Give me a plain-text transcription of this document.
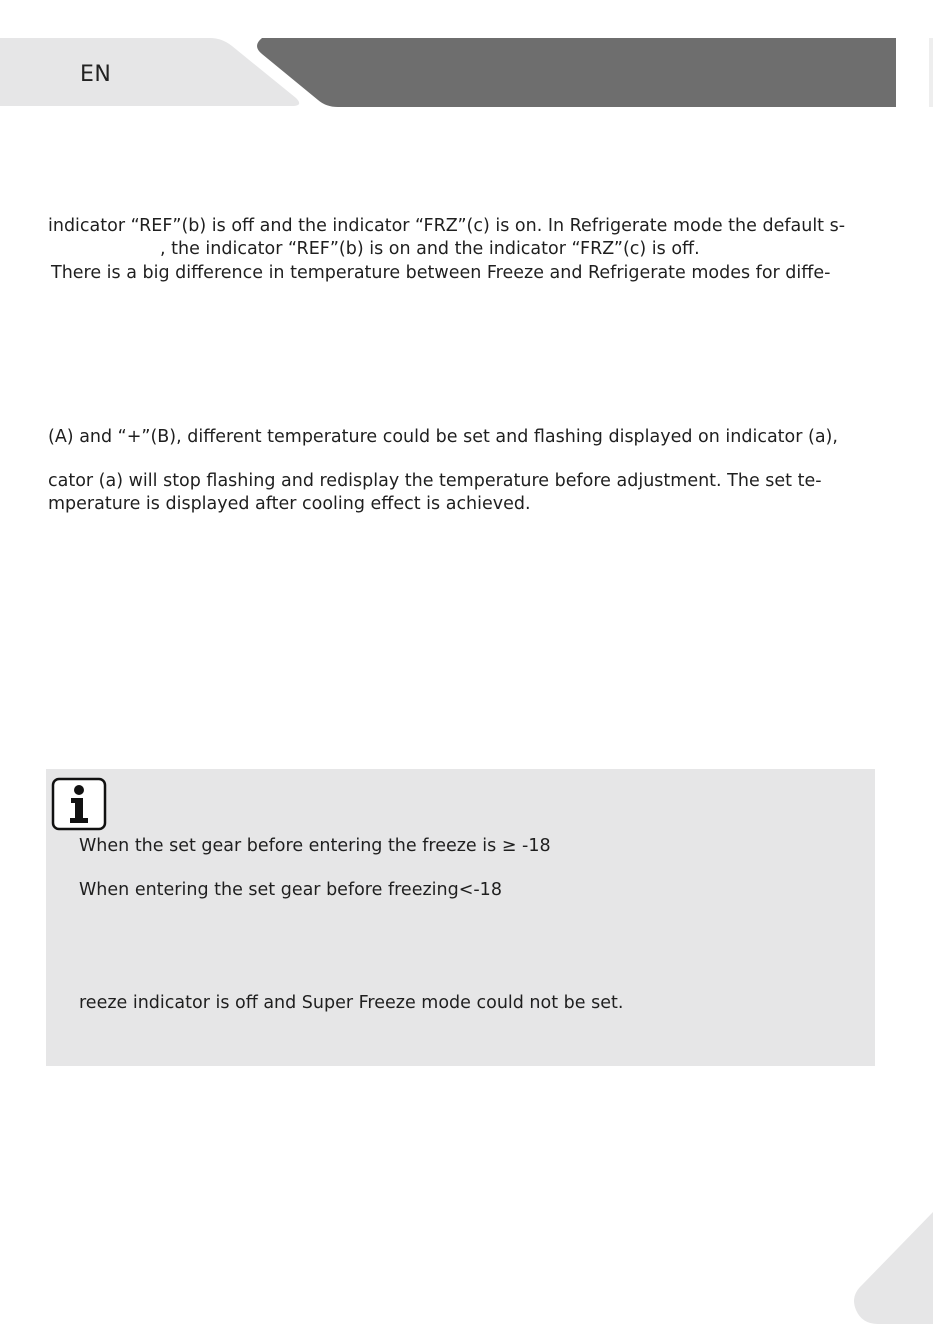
EN
indicator “REF”(b) is off and the indicator “FRZ”(c) is on. In Refrigerate mode the default s-
, the indicator “REF”(b) is on and the indicator “FRZ”(c) is off.
There is a big difference in temperature between Freeze and Refrigerate modes for diffe-
(A) and “+”(B), different temperature could be set and flashing displayed on indicator (a),
cator (a) will stop flashing and redisplay the temperature before adjustment. The set te-
mperature is displayed after cooling effect is achieved.
When the set gear before entering the freeze is ≥ -18
When entering the set gear before freezing<-18
reeze indicator is off and Super Freeze mode could not be set.
